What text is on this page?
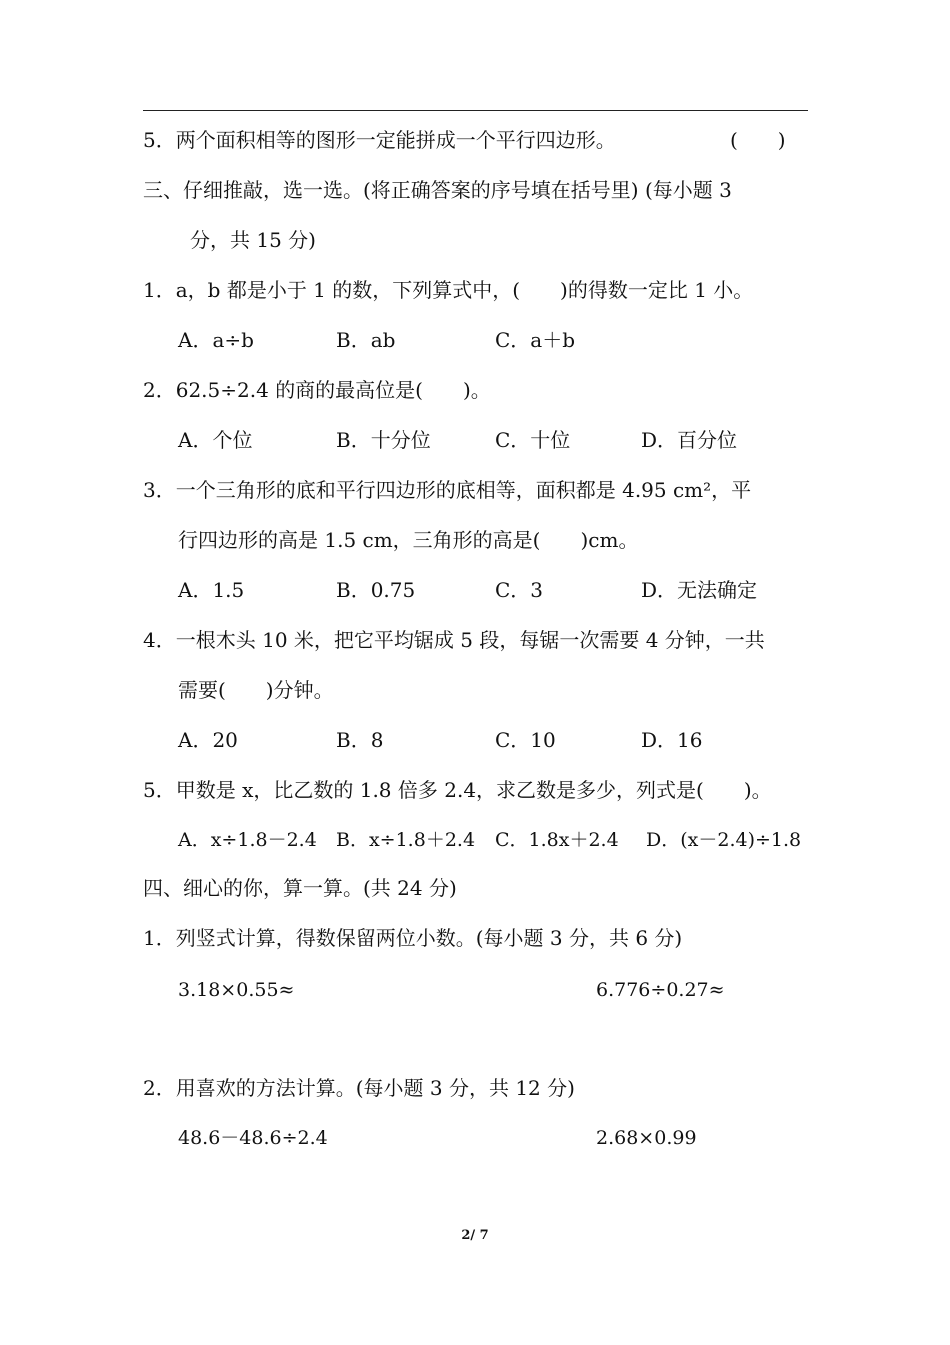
5．两个面积相等的图形一定能拼成一个平行四边形。	(　　)
三、仔细推敲，选一选。(将正确答案的序号填在括号里) (每小题 3
分，共 15 分)
1．a，b 都是小于 1 的数，下列算式中，(　　)的得数一定比 1 小。
A．a÷b	B．ab	C．a＋b
2．62.5÷2.4 的商的最高位是(　　)。
A．个位	B．十分位	C．十位	D．百分位
3．一个三角形的底和平行四边形的底相等，面积都是 4.95 cm²，平
行四边形的高是 1.5 cm，三角形的高是(　　)cm。
A．1.5	B．0.75	C．3	D．无法确定
4．一根木头 10 米，把它平均锯成 5 段，每锯一次需要 4 分钟，一共
需要(　　)分钟。
A．20	B．8	C．10	D．16
5．甲数是 x，比乙数的 1.8 倍多 2.4，求乙数是多少，列式是(　　)。
A．x÷1.8－2.4 B．x÷1.8＋2.4 C．1.8x＋2.4 D．(x－2.4)÷1.8
四、细心的你，算一算。(共 24 分)
1．列竖式计算，得数保留两位小数。(每小题 3 分，共 6 分)
3.18×0.55≈	6.776÷0.27≈
2．用喜欢的方法计算。(每小题 3 分，共 12 分)
48.6－48.6÷2.4	2.68×0.99
2/ 7
